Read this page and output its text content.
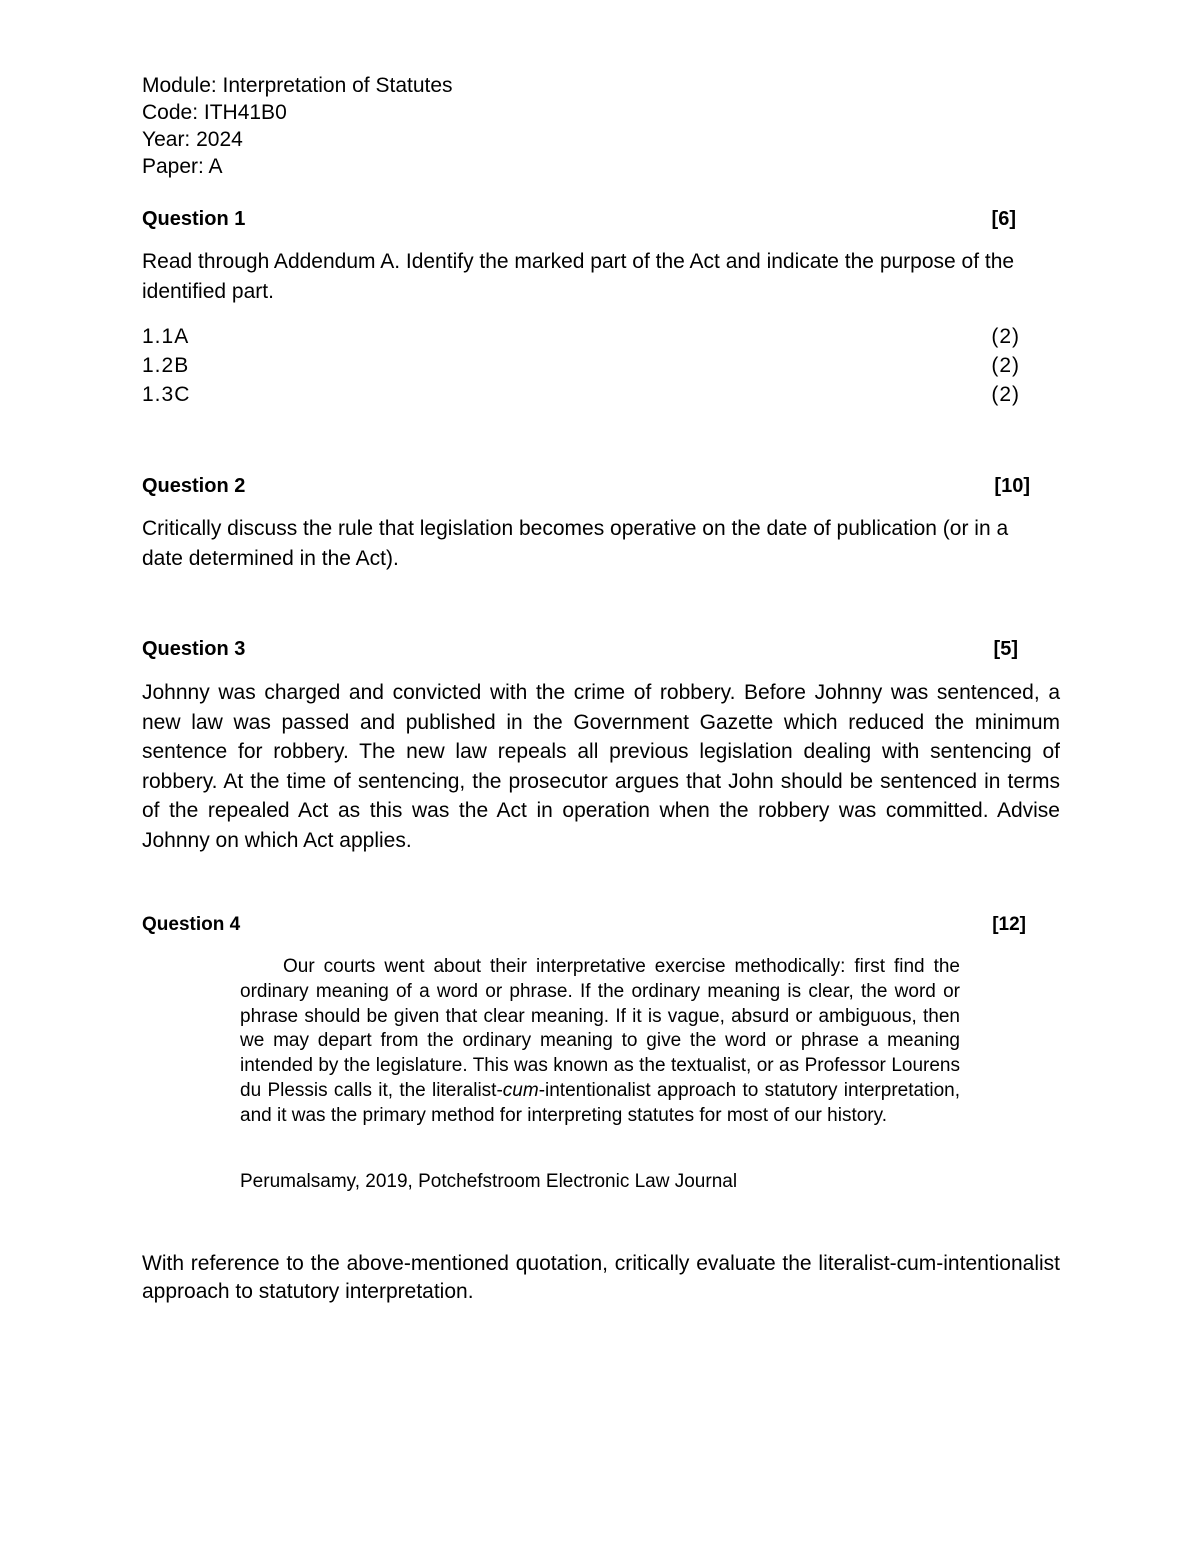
Module: Interpretation of Statutes
Code: ITH41B0
Year: 2024
Paper: A
Question 1	[6]
Read through Addendum A. Identify the marked part of the Act and indicate the purpose of the identified part.
1.1A	(2)
1.2B	(2)
1.3C	(2)
Question 2	[10]
Critically discuss the rule that legislation becomes operative on the date of publication (or in a date determined in the Act).
Question 3	[5]
Johnny was charged and convicted with the crime of robbery. Before Johnny was sentenced, a new law was passed and published in the Government Gazette which reduced the minimum sentence for robbery. The new law repeals all previous legislation dealing with sentencing of robbery. At the time of sentencing, the prosecutor argues that John should be sentenced in terms of the repealed Act as this was the Act in operation when the robbery was committed. Advise Johnny on which Act applies.
Question 4	[12]

Our courts went about their interpretative exercise methodically: first find the ordinary meaning of a word or phrase. If the ordinary meaning is clear, the word or phrase should be given that clear meaning. If it is vague, absurd or ambiguous, then we may depart from the ordinary meaning to give the word or phrase a meaning intended by the legislature. This was known as the textualist, or as Professor Lourens du Plessis calls it, the literalist-cum-intentionalist approach to statutory interpretation, and it was the primary method for interpreting statutes for most of our history.

Perumalsamy, 2019, Potchefstroom Electronic Law Journal
With reference to the above-mentioned quotation, critically evaluate the literalist-cum-intentionalist approach to statutory interpretation.
